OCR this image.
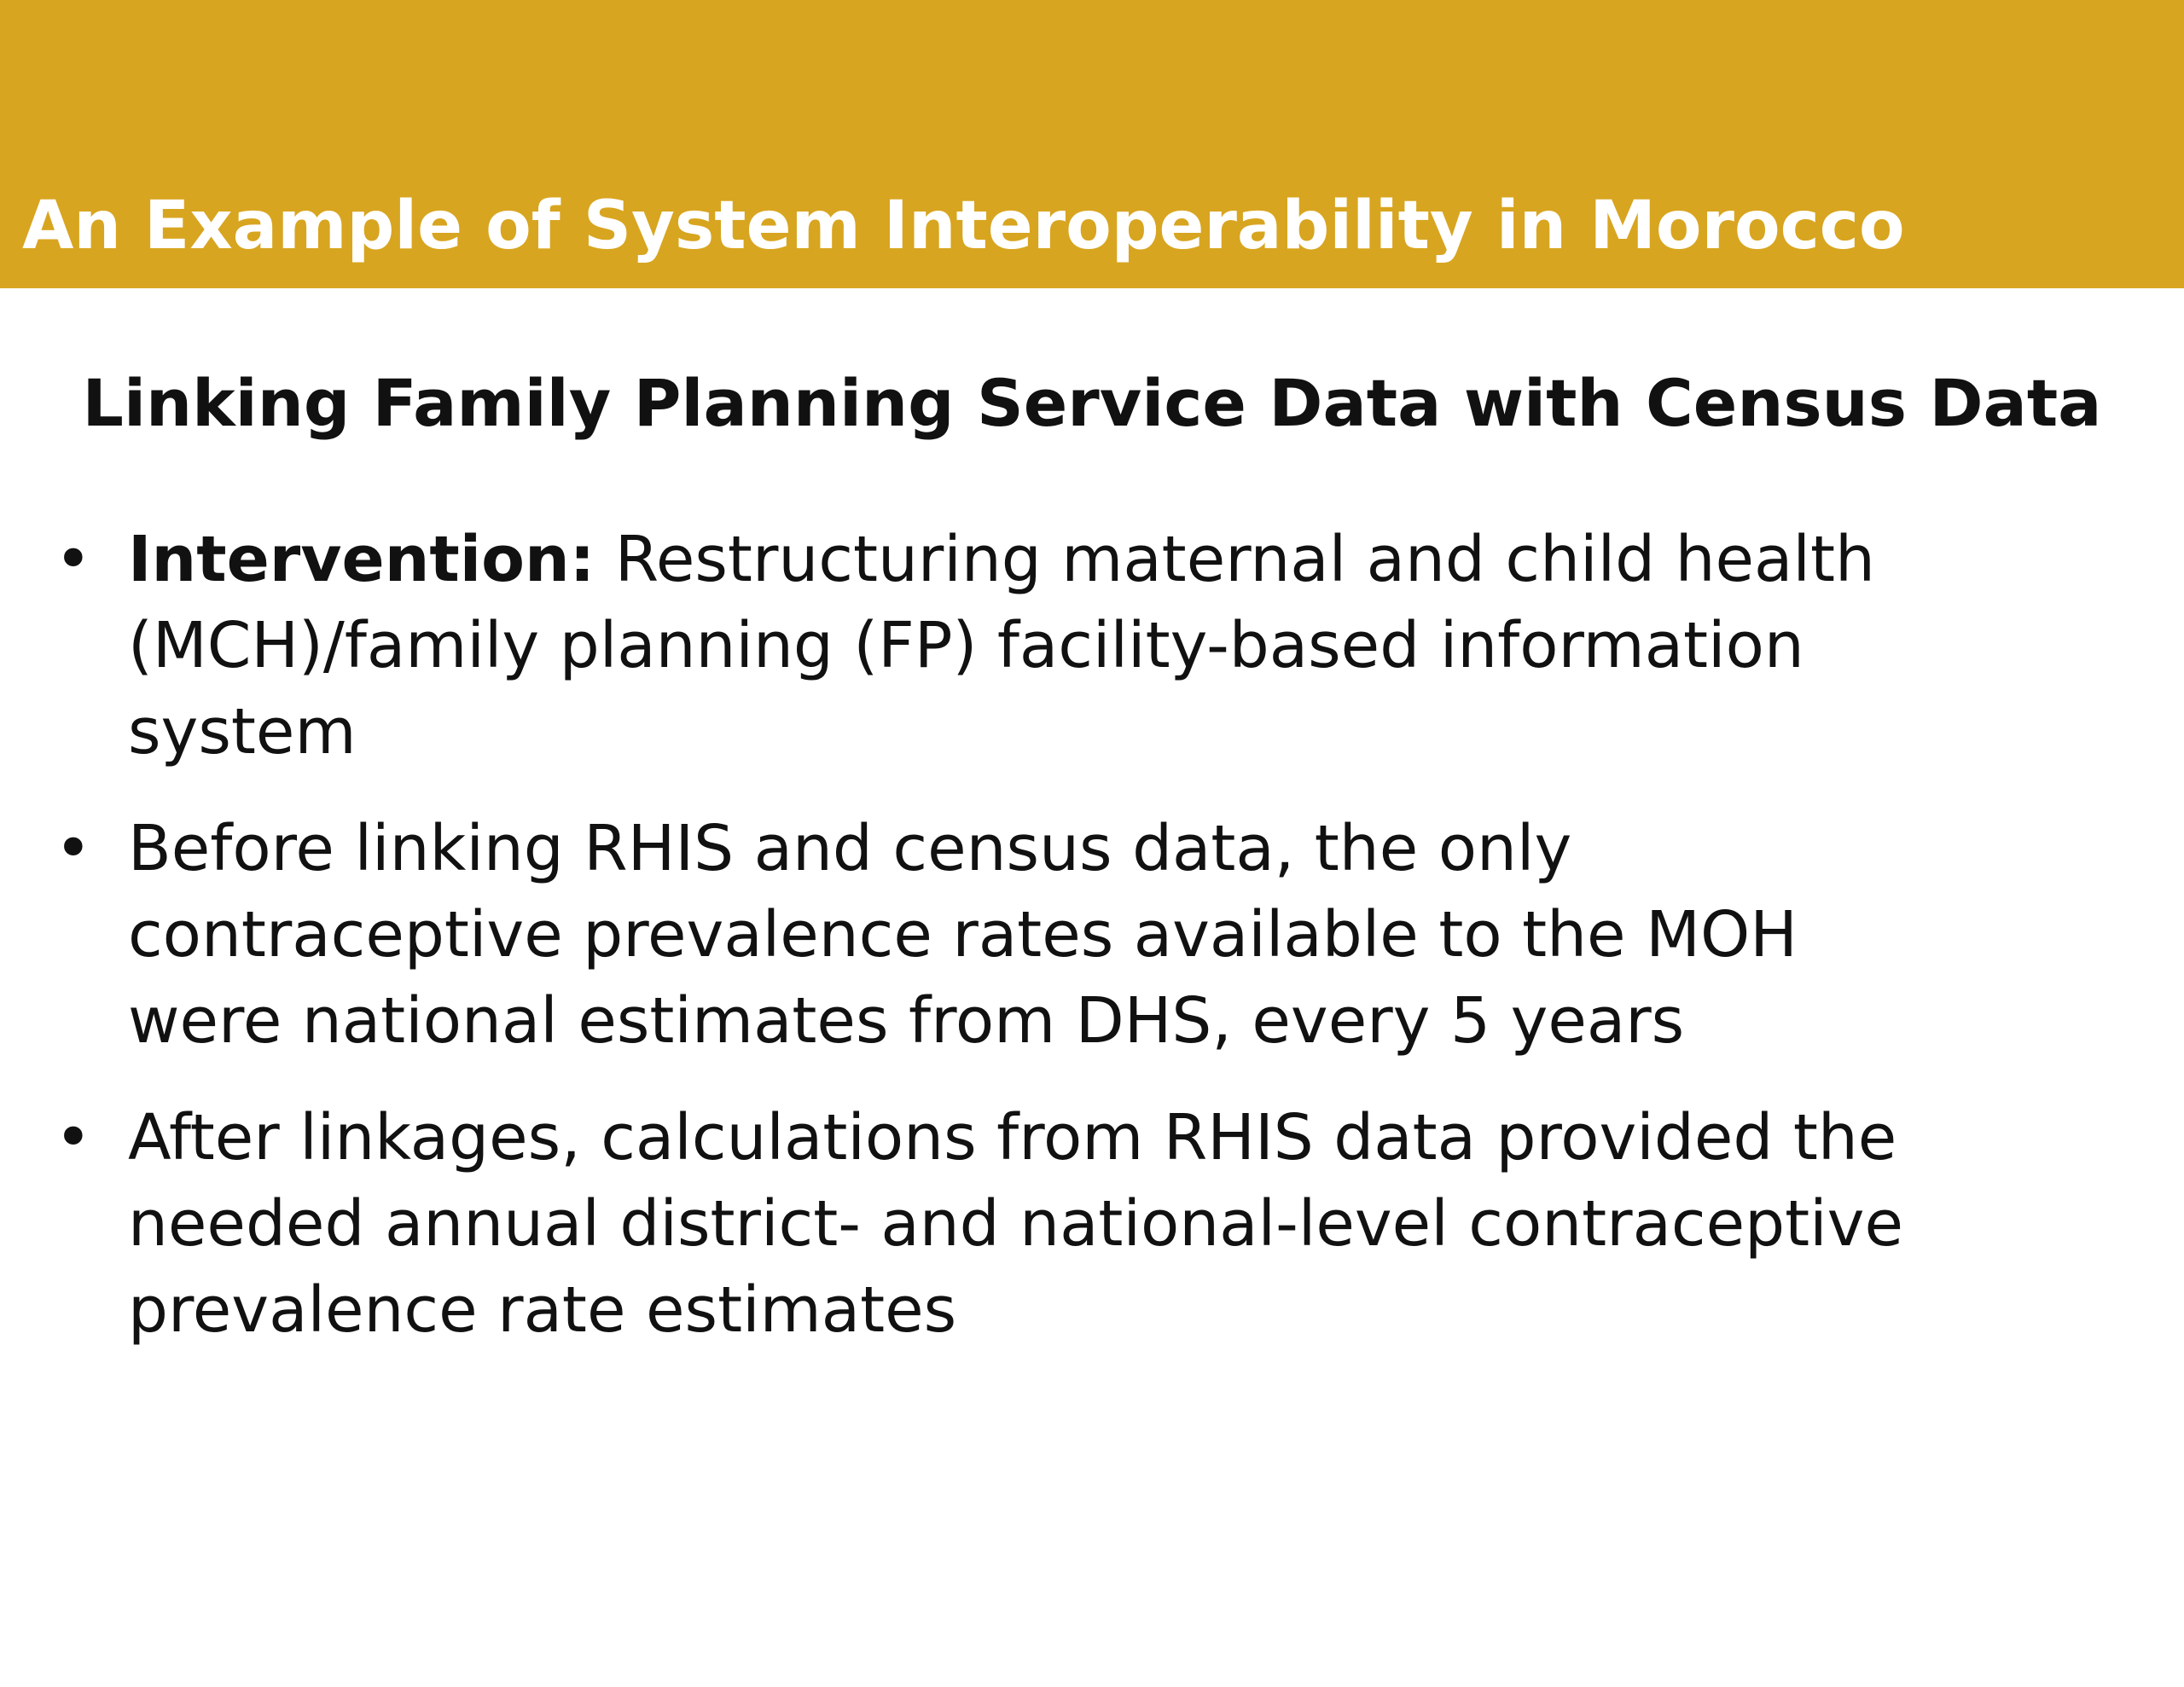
An Example of System Interoperability in Morocco
Linking Family Planning Service Data with Census Data
• Intervention: Restructuring maternal and child health
(MCH)/family planning (FP) facility-based information
system
• Before linking RHIS and census data, the only
contraceptive prevalence rates available to the MOH
were national estimates from DHS, every 5 years
• After linkages, calculations from RHIS data provided the
needed annual district- and national-level contraceptive
prevalence rate estimates
